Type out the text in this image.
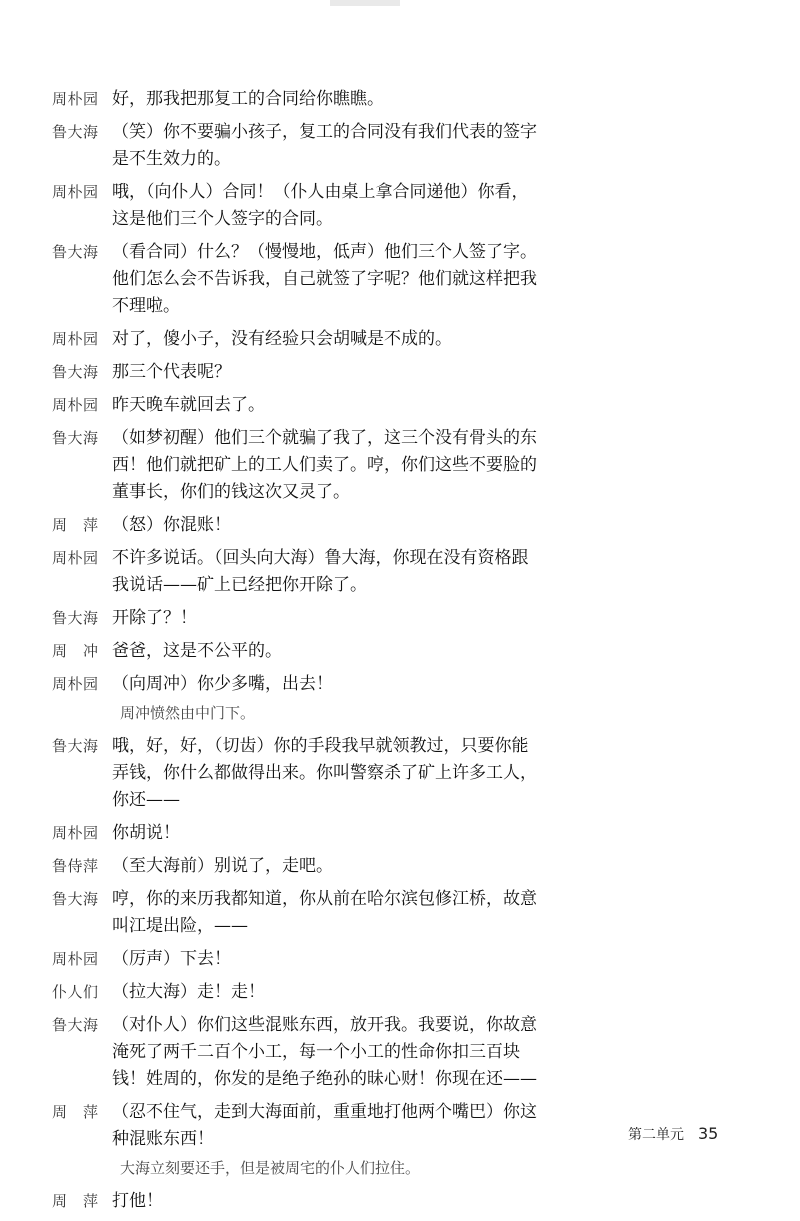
周朴园 好，那我把那复工的合同给你瞧瞧。
鲁大海 （笑）你不要骗小孩子，复工的合同没有我们代表的签字是不生效力的。
周朴园 哦，（向仆人）合同！（仆人由桌上拿合同递他）你看，这是他们三个人签字的合同。
鲁大海 （看合同）什么？（慢慢地，低声）他们三个人签了字。他们怎么会不告诉我，自己就签了字呢？他们就这样把我不理啦。
周朴园 对了，傻小子，没有经验只会胡喊是不成的。
鲁大海 那三个代表呢？
周朴园 昨天晚车就回去了。
鲁大海 （如梦初醒）他们三个就骗了我了，这三个没有骨头的东西！他们就把矿上的工人们卖了。哼，你们这些不要脸的董事长，你们的钱这次又灵了。
周　萍 （怒）你混账！
周朴园 不许多说话。（回头向大海）鲁大海，你现在没有资格跟我说话——矿上已经把你开除了。
鲁大海 开除了？！
周　冲 爸爸，这是不公平的。
周朴园 （向周冲）你少多嘴，出去！
周冲愤然由中门下。
鲁大海 哦，好，好，（切齿）你的手段我早就领教过，只要你能弄钱，你什么都做得出来。你叫警察杀了矿上许多工人，你还——
周朴园 你胡说！
鲁侍萍 （至大海前）别说了，走吧。
鲁大海 哼，你的来历我都知道，你从前在哈尔滨包修江桥，故意叫江堤出险，——
周朴园 （厉声）下去！
仆人们 （拉大海）走！走！
鲁大海 （对仆人）你们这些混账东西，放开我。我要说，你故意淹死了两千二百个小工，每一个小工的性命你扣三百块钱！姓周的，你发的是绝子绝孙的昧心财！你现在还——
周　萍 （忍不住气，走到大海面前，重重地打他两个嘴巴）你这种混账东西！
大海立刻要还手，但是被周宅的仆人们拉住。
周　萍 打他！
第二单元 35
